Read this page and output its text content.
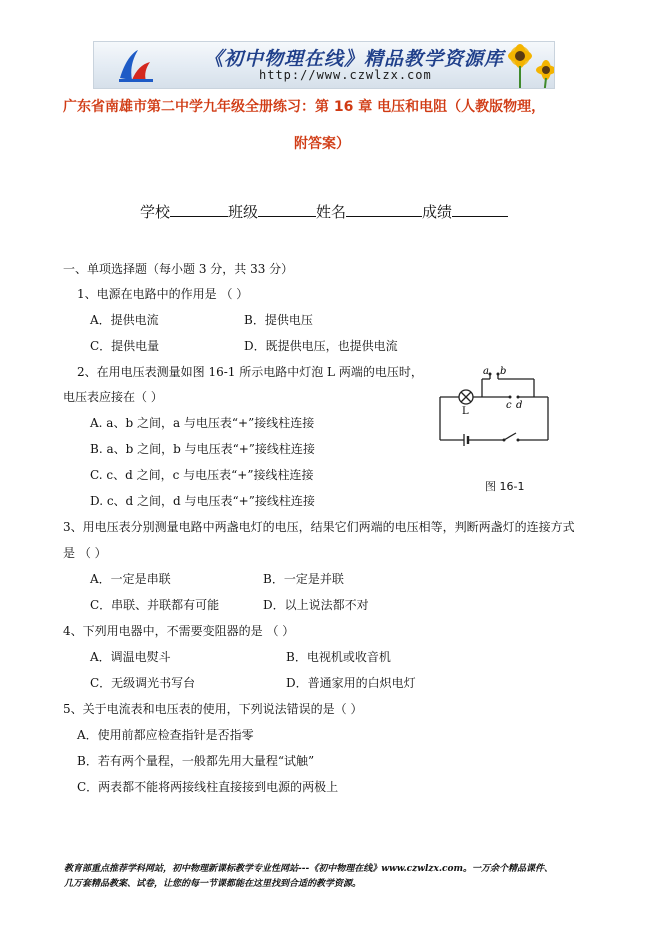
《初中物理在线》精品教学资源库
http://www.czwlzx.com
广东省南雄市第二中学九年级全册练习：第 16 章 电压和电阻（人教版物理，
附答案）
学校	班级	姓名	成绩
一、单项选择题（每小题 3 分，共 33 分）
1、电源在电路中的作用是 （ ）
A．提供电流	B．提供电压
C．提供电量	D．既提供电压，也提供电流
2、在用电压表测量如图 16-1 所示电路中灯泡 L 两端的电压时，
电压表应接在（ ）
A. a、b 之间，a 与电压表“+”接线柱连接
B. a、b 之间，b 与电压表“+”接线柱连接
C. c、d 之间，c 与电压表“+”接线柱连接
D. c、d 之间，d 与电压表“+”接线柱连接
a b
c d
L
图 16-1
3、用电压表分别测量电路中两盏电灯的电压，结果它们两端的电压相等，判断两盏灯的连接方式
是 （ ）
A．一定是串联	B．一定是并联
C．串联、并联都有可能	D．以上说法都不对
4、下列用电器中，不需要变阻器的是 （ ）
A．调温电熨斗	B．电视机或收音机
C．无级调光书写台	D．普通家用的白炽电灯
5、关于电流表和电压表的使用，下列说法错误的是（ ）
A．使用前都应检查指针是否指零
B．若有两个量程，一般都先用大量程“试触”
C．两表都不能将两接线柱直接接到电源的两极上
教育部重点推荐学科网站，初中物理新课标教学专业性网站---《初中物理在线》www.czwlzx.com。一万余个精品课件、
几万套精品教案、试卷，让您的每一节课都能在这里找到合适的教学资源。
